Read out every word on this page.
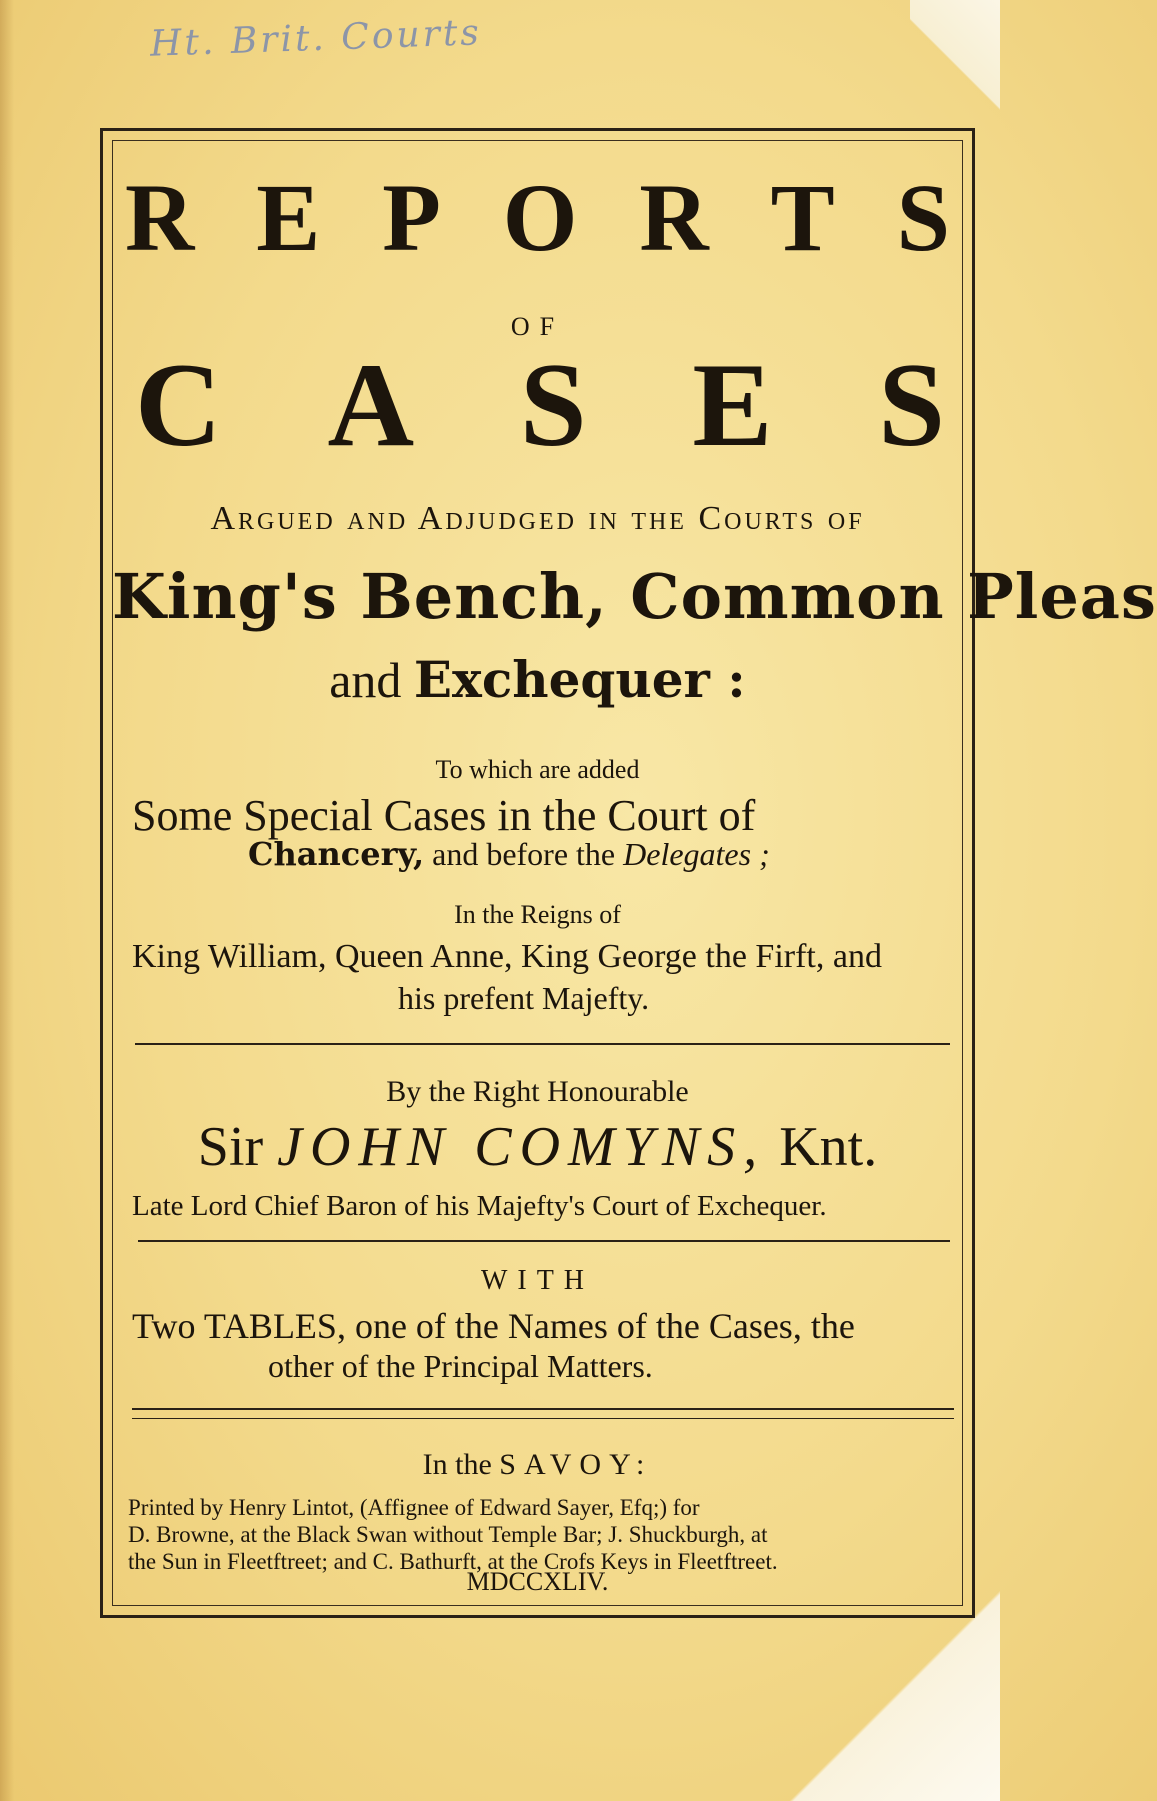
Ht. Brit. Courts
R E P O R T S
OF
C A S E S
Argued and Adjudged in the Courts of
King's Bench, Common Pleas
and Exchequer :
To which are added
Some Special Cases in the Court of
Chancery, and before the Delegates ;
In the Reigns of
King William, Queen Anne, King George the Firft, and
his prefent Majefty.
By the Right Honourable
Sir JOHN COMYNS, Knt.
Late Lord Chief Baron of his Majefty's Court of Exchequer.
WITH
Two TABLES, one of the Names of the Cases, the
other of the Principal Matters.
In the SAVOY:
Printed by Henry Lintot, (Affignee of Edward Sayer, Efq;) for
D. Browne, at the Black Swan without Temple Bar; J. Shuckburgh, at
the Sun in Fleetftreet; and C. Bathurft, at the Crofs Keys in Fleetftreet.
MDCCXLIV.
